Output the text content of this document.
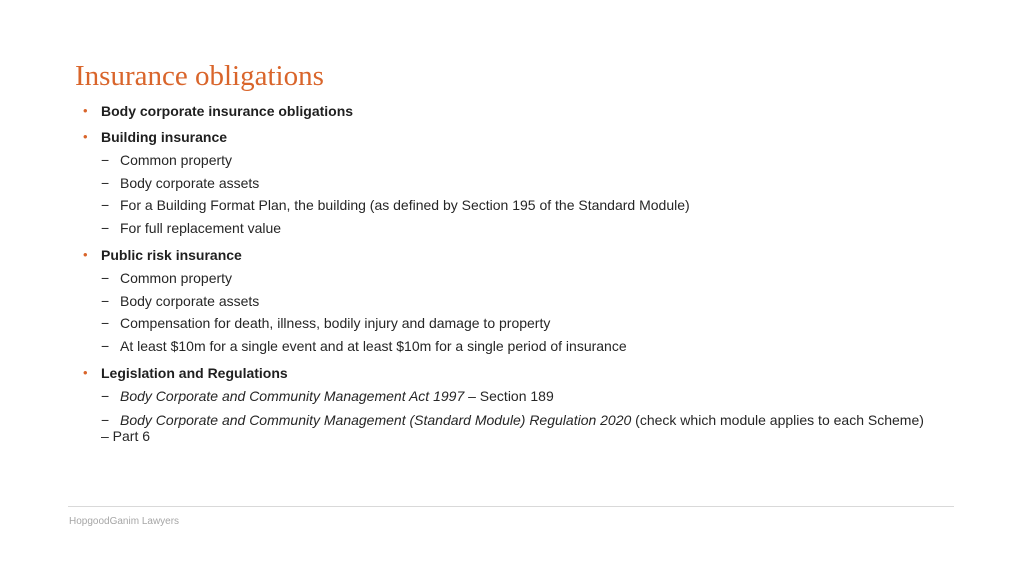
Insurance obligations
• Body corporate insurance obligations
• Building insurance
− Common property
− Body corporate assets
− For a Building Format Plan, the building (as defined by Section 195 of the Standard Module)
− For full replacement value
• Public risk insurance
− Common property
− Body corporate assets
− Compensation for death, illness, bodily injury and damage to property
− At least $10m for a single event and at least $10m for a single period of insurance
• Legislation and Regulations
− Body Corporate and Community Management Act 1997 – Section 189
− Body Corporate and Community Management (Standard Module) Regulation 2020 (check which module applies to each Scheme)
– Part 6
HopgoodGanim Lawyers
